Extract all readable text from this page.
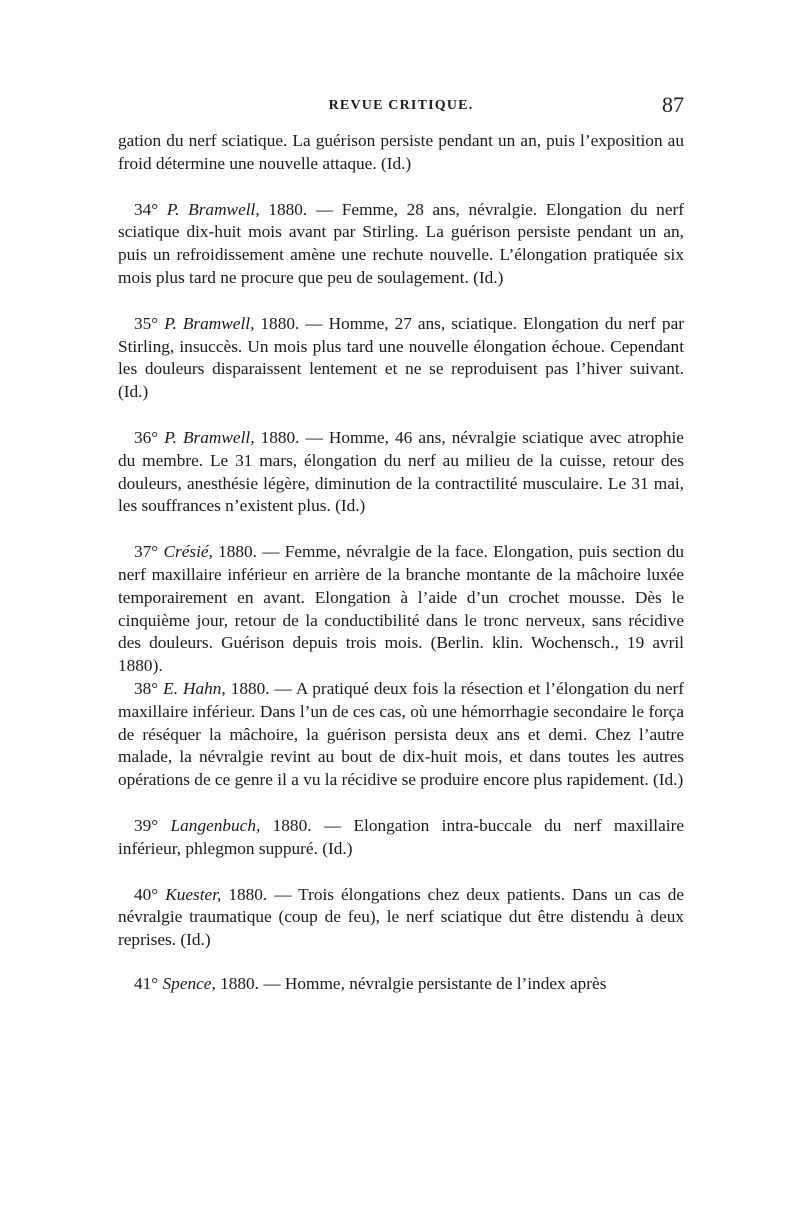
REVUE CRITIQUE.	87

gation du nerf sciatique. La guérison persiste pendant un an, puis l’exposition au froid détermine une nouvelle attaque. (Id.)

34° P. Bramwell, 1880. — Femme, 28 ans, névralgie. Elongation du nerf sciatique dix-huit mois avant par Stirling. La guérison persiste pendant un an, puis un refroidissement amène une rechute nouvelle. L’élongation pratiquée six mois plus tard ne procure que peu de soulagement. (Id.)

35° P. Bramwell, 1880. — Homme, 27 ans, sciatique. Elongation du nerf par Stirling, insuccès. Un mois plus tard une nouvelle élongation échoue. Cependant les douleurs disparaissent lentement et ne se reproduisent pas l’hiver suivant. (Id.)

36° P. Bramwell, 1880. — Homme, 46 ans, névralgie sciatique avec atrophie du membre. Le 31 mars, élongation du nerf au milieu de la cuisse, retour des douleurs, anesthésie légère, diminution de la contractilité musculaire. Le 31 mai, les souffrances n’existent plus. (Id.)

37° Crésié, 1880. — Femme, névralgie de la face. Elongation, puis section du nerf maxillaire inférieur en arrière de la branche montante de la mâchoire luxée temporairement en avant. Elongation à l’aide d’un crochet mousse. Dès le cinquième jour, retour de la conductibilité dans le tronc nerveux, sans récidive des douleurs. Guérison depuis trois mois. (Berlin. klin. Wochensch., 19 avril 1880).

38° E. Hahn, 1880. — A pratiqué deux fois la résection et l’élongation du nerf maxillaire inférieur. Dans l’un de ces cas, où une hémorrhagie secondaire le força de réséquer la mâchoire, la guérison persista deux ans et demi. Chez l’autre malade, la névralgie revint au bout de dix-huit mois, et dans toutes les autres opérations de ce genre il a vu la récidive se produire encore plus rapidement. (Id.)

39° Langenbuch, 1880. — Elongation intra-buccale du nerf maxillaire inférieur, phlegmon suppuré. (Id.)

40° Kuester, 1880. — Trois élongations chez deux patients. Dans un cas de névralgie traumatique (coup de feu), le nerf sciatique dut être distendu à deux reprises. (Id.)

41° Spence, 1880. — Homme, névralgie persistante de l’index après
